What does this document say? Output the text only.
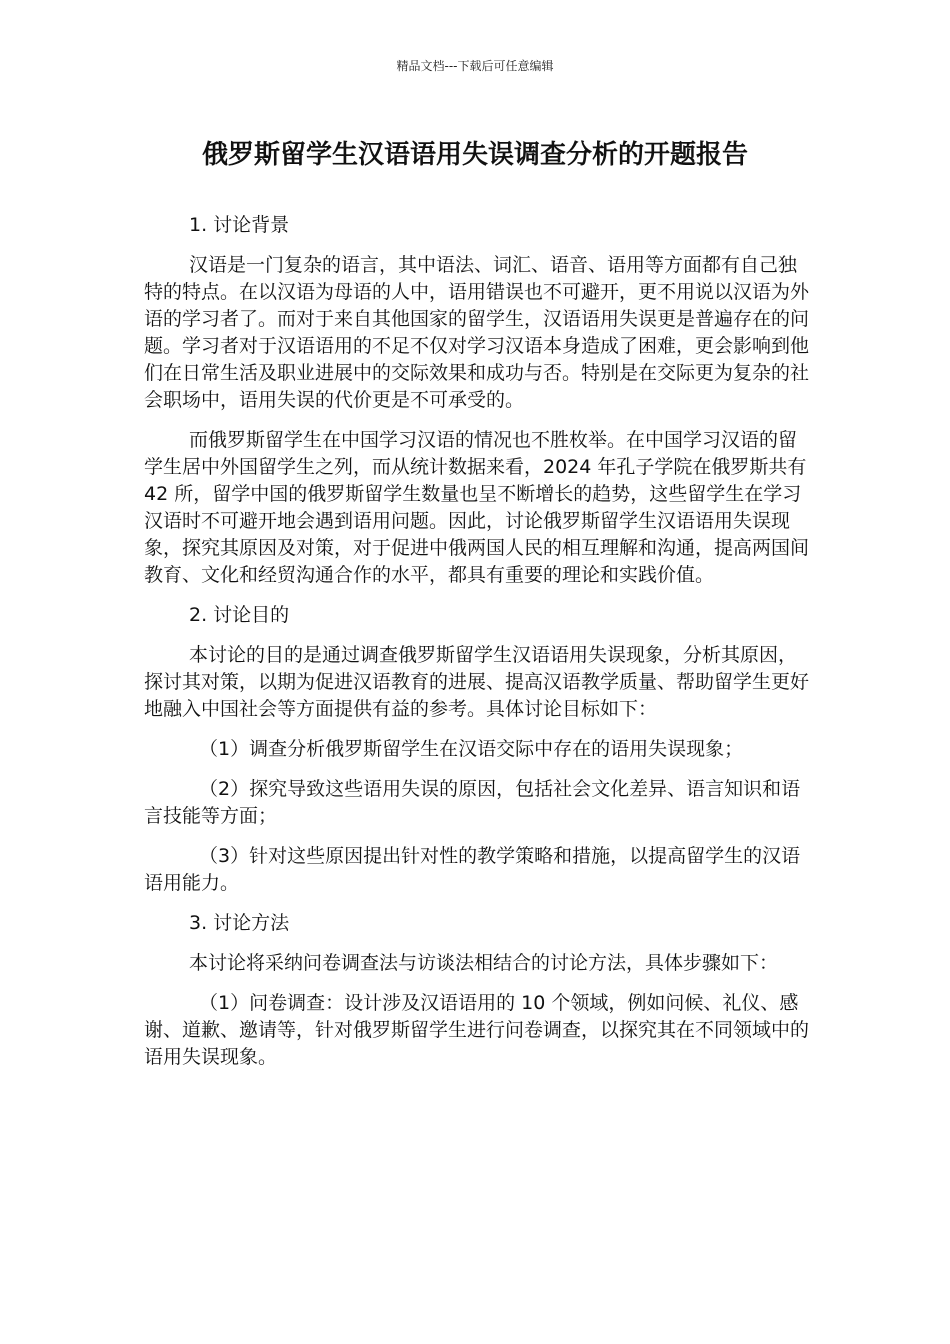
精品文档---下载后可任意编辑
俄罗斯留学生汉语语用失误调查分析的开题报告

1. 讨论背景

汉语是一门复杂的语言，其中语法、词汇、语音、语用等方面都有自己独特的特点。在以汉语为母语的人中，语用错误也不可避开，更不用说以汉语为外语的学习者了。而对于来自其他国家的留学生，汉语语用失误更是普遍存在的问题。学习者对于汉语语用的不足不仅对学习汉语本身造成了困难，更会影响到他们在日常生活及职业进展中的交际效果和成功与否。特别是在交际更为复杂的社会职场中，语用失误的代价更是不可承受的。

而俄罗斯留学生在中国学习汉语的情况也不胜枚举。在中国学习汉语的留学生居中外国留学生之列，而从统计数据来看，2024 年孔子学院在俄罗斯共有 42 所，留学中国的俄罗斯留学生数量也呈不断增长的趋势，这些留学生在学习汉语时不可避开地会遇到语用问题。因此，讨论俄罗斯留学生汉语语用失误现象，探究其原因及对策，对于促进中俄两国人民的相互理解和沟通，提高两国间教育、文化和经贸沟通合作的水平，都具有重要的理论和实践价值。

2. 讨论目的

本讨论的目的是通过调查俄罗斯留学生汉语语用失误现象，分析其原因，探讨其对策，以期为促进汉语教育的进展、提高汉语教学质量、帮助留学生更好地融入中国社会等方面提供有益的参考。具体讨论目标如下：

（1）调查分析俄罗斯留学生在汉语交际中存在的语用失误现象；

（2）探究导致这些语用失误的原因，包括社会文化差异、语言知识和语言技能等方面；

（3）针对这些原因提出针对性的教学策略和措施，以提高留学生的汉语语用能力。

3. 讨论方法

本讨论将采纳问卷调查法与访谈法相结合的讨论方法，具体步骤如下：

（1）问卷调查：设计涉及汉语语用的 10 个领域，例如问候、礼仪、感谢、道歉、邀请等，针对俄罗斯留学生进行问卷调查，以探究其在不同领域中的语用失误现象。
